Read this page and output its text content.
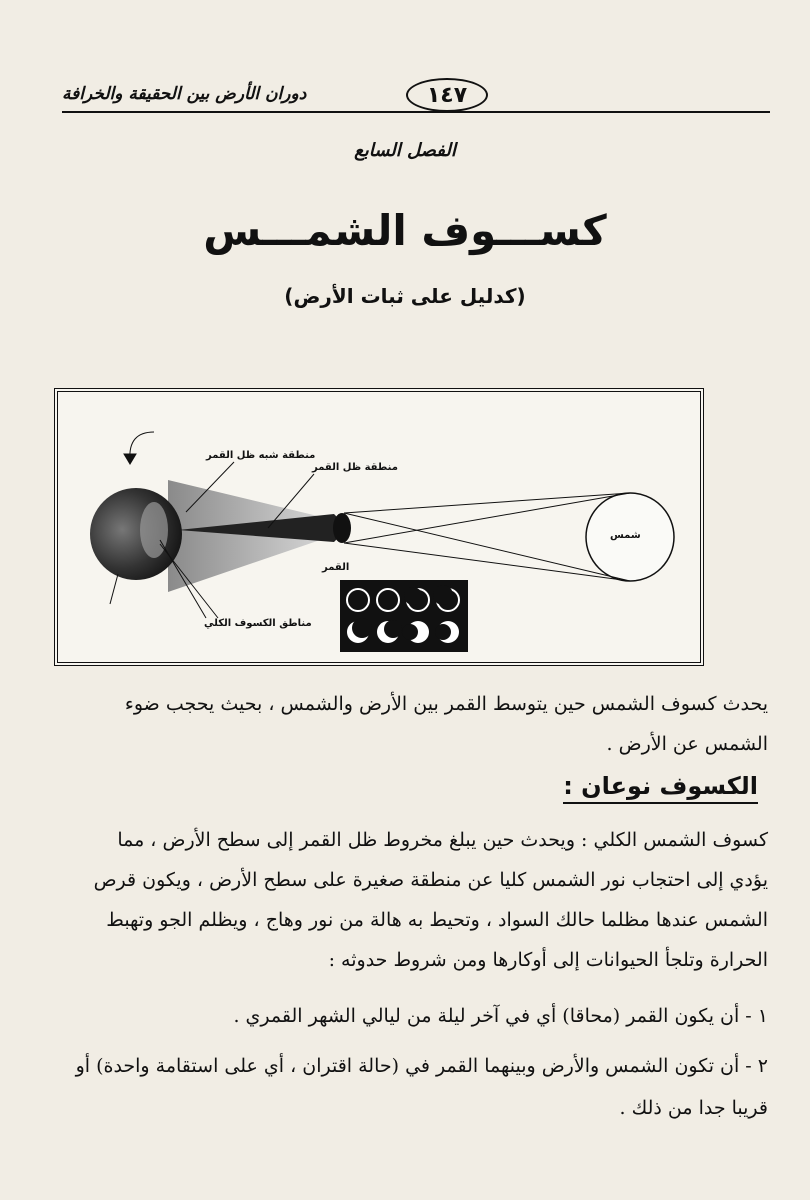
دوران الأرض بين الحقيقة والخرافة	١٤٧
الفصل السابع
كســـوف الشمـــس
(كدليل على ثبات الأرض)
منطقة شبه ظل القمر
منطقة ظل القمر
القمر
شمس
مناطق الكسوف الكلي
يحدث كسوف الشمس حين يتوسط القمر بين الأرض والشمس ، بحيث يحجب ضوء
الشمس عن الأرض .
الكسوف نوعان :
كسوف الشمس الكلي : ويحدث حين يبلغ مخروط ظل القمر إلى سطح الأرض ، مما
يؤدي إلى احتجاب نور الشمس كليا عن منطقة صغيرة على سطح الأرض ، ويكون قرص
الشمس عندها مظلما حالك السواد ، وتحيط به هالة من نور وهاج ، ويظلم الجو وتهبط
الحرارة وتلجأ الحيوانات إلى أوكارها ومن شروط حدوثه :
١ - أن يكون القمر (محاقا) أي في آخر ليلة من ليالي الشهر القمري .
٢ - أن تكون الشمس والأرض وبينهما القمر في (حالة اقتران ، أي على استقامة واحدة) أو
قريبا جدا من ذلك .
